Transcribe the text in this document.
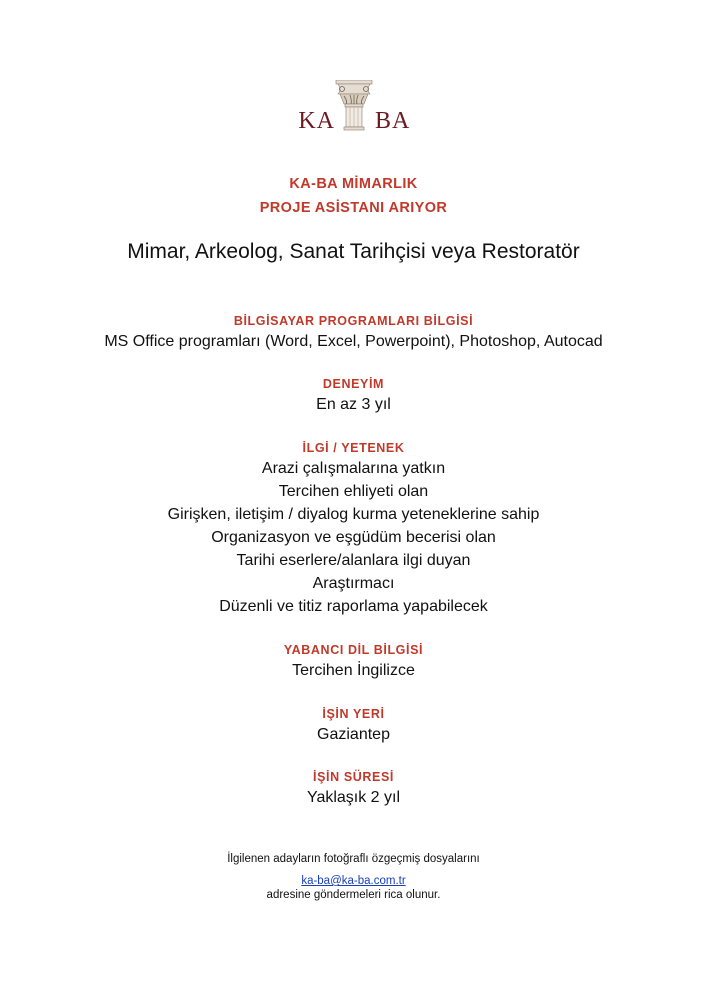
KA BA
KA-BA MİMARLIK
PROJE ASİSTANI ARIYOR
Mimar, Arkeolog, Sanat Tarihçisi veya Restoratör
BİLGİSAYAR PROGRAMLARI BİLGİSİ
MS Office programları (Word, Excel, Powerpoint), Photoshop, Autocad
DENEYİM
En az 3 yıl
İLGİ / YETENEK
Arazi çalışmalarına yatkın
Tercihen ehliyeti olan
Girişken, iletişim / diyalog kurma yeteneklerine sahip
Organizasyon ve eşgüdüm becerisi olan
Tarihi eserlere/alanlara ilgi duyan
Araştırmacı
Düzenli ve titiz raporlama yapabilecek
YABANCI DİL BİLGİSİ
Tercihen İngilizce
İŞİN YERİ
Gaziantep
İŞİN SÜRESİ
Yaklaşık 2 yıl
İlgilenen adayların fotoğraflı özgeçmiş dosyalarını
ka-ba@ka-ba.com.tr
adresine göndermeleri rica olunur.
